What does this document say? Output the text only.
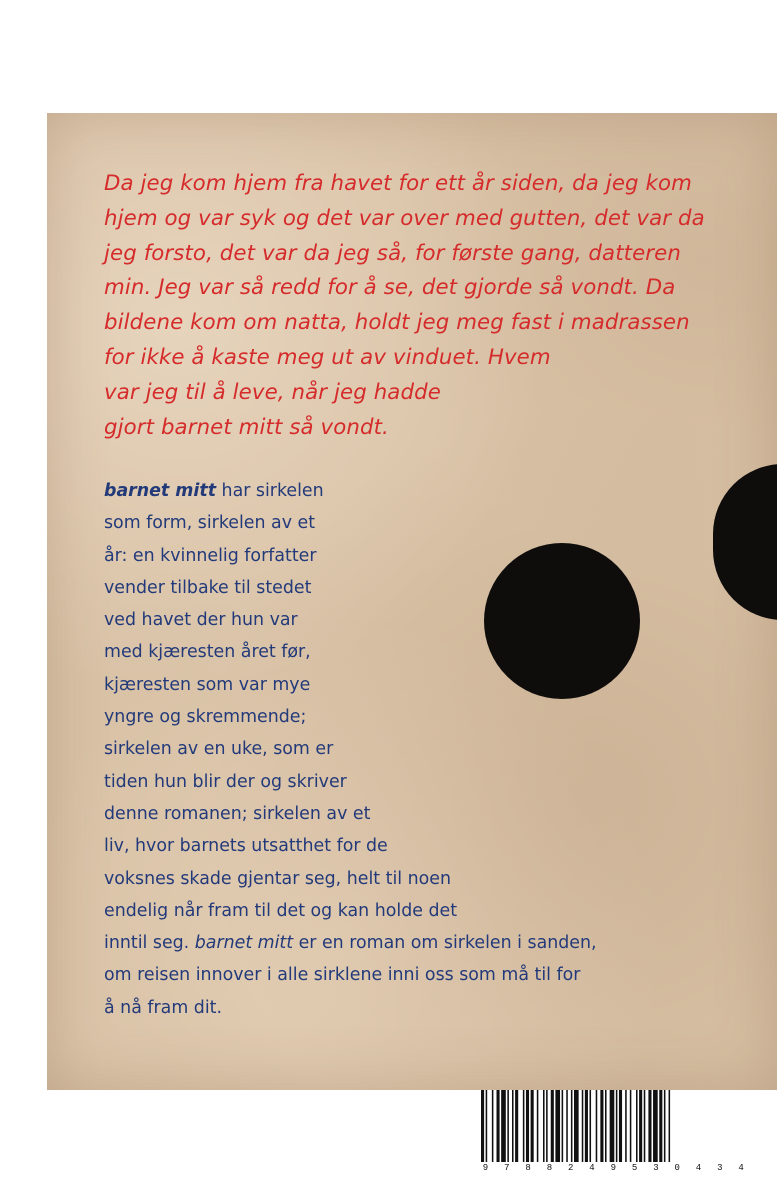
Da jeg kom hjem fra havet for ett år siden, da jeg kom
hjem og var syk og det var over med gutten, det var da
jeg forsto, det var da jeg så, for første gang, datteren
min. Jeg var så redd for å se, det gjorde så vondt. Da
bildene kom om natta, holdt jeg meg fast i madrassen
for ikke å kaste meg ut av vinduet. Hvem
var jeg til å leve, når jeg hadde
gjort barnet mitt så vondt.

barnet mitt har sirkelen
som form, sirkelen av et
år: en kvinnelig forfatter
vender tilbake til stedet
ved havet der hun var
med kjæresten året før,
kjæresten som var mye
yngre og skremmende;
sirkelen av en uke, som er
tiden hun blir der og skriver
denne romanen; sirkelen av et
liv, hvor barnets utsatthet for de
voksnes skade gjentar seg, helt til noen
endelig når fram til det og kan holde det
inntil seg. barnet mitt er en roman om sirkelen i sanden,
om reisen innover i alle sirklene inni oss som må til for
å nå fram dit.
9	7	8	8	2	4	9	5	3	0	4	3	4
